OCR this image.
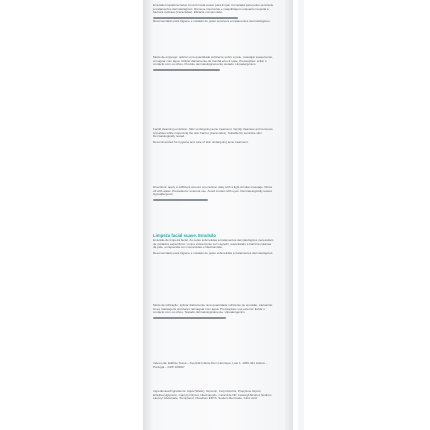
Emulsão limpadora facial. Uma fórmula suave para limpar, formulada para peles sensíveis a tratamentos dermatológicos. Remove impurezas e maquilhagem enquanto respeita a barreira cutânea (Ceramidas). Eficácia comprovada.

Recomendado para higiene e cuidado de peles sensíveis a tratamentos dermatológicos.

Modo de emprego: aplicar uma quantidade suficiente sobre a pele, massajar suavemente, enxaguar com água. Utilizar diariamente de manhã e/ou à noite. Precauções: evitar o contacto com os olhos. Produto dermatologicamente testado. Hipoalergénico.

Facial cleansing emulsion. Skin undergoing acne treatment. Gently cleanses and removes impurities while respecting the skin barrier (Ceramides). Suitable for sensitive skin. Dermatologically tested.

Recommended for hygiene and care of skin undergoing acne treatment.

Directions: apply a sufficient amount of emulsion daily with a light circular massage. Rinse off with water. Precautions: external use. Avoid contact with eyes. Dermatologically tested. Hypoallergenic.

Limpeza facial suave. Emulsão

Emulsão de limpeza facial. As peles submetidas a tratamentos dermatológicos necessitam de cuidados específicos. Limpa suavemente sem agredir, respeitando a barreira cutânea da pele, enriquecida com Ceramidas e Niacinamida.

Recomendado para higiene e cuidado de peles submetidas a tratamentos dermatológicos.

Modo de utilização: aplicar diariamente uma quantidade suficiente de emulsão, efetuando leves massagens circulares. Enxaguar com água. Precauções: uso externo. Evitar o contacto com os olhos. Testado dermatologicamente. Hipoalergénico.

Indeo Lda. Edifício Tessa – Avenida Infante Dom Henrique, Lote 1, 1950-421 Lisboa – Portugal – CRP 100067

Ingredientes/Ingredients: Aqua (Water), Glycerin, Cetyl Alcohol, Propylene Glycol, Ethylhexylglycerin, Caprylyl Glycol, Niacinamide, Ceramide NP, Cetearyl Alcohol, Sodium Lauroyl Glutamate, Tocopherol, Disodium EDTA, Sodium Benzoate, Citric Acid.
